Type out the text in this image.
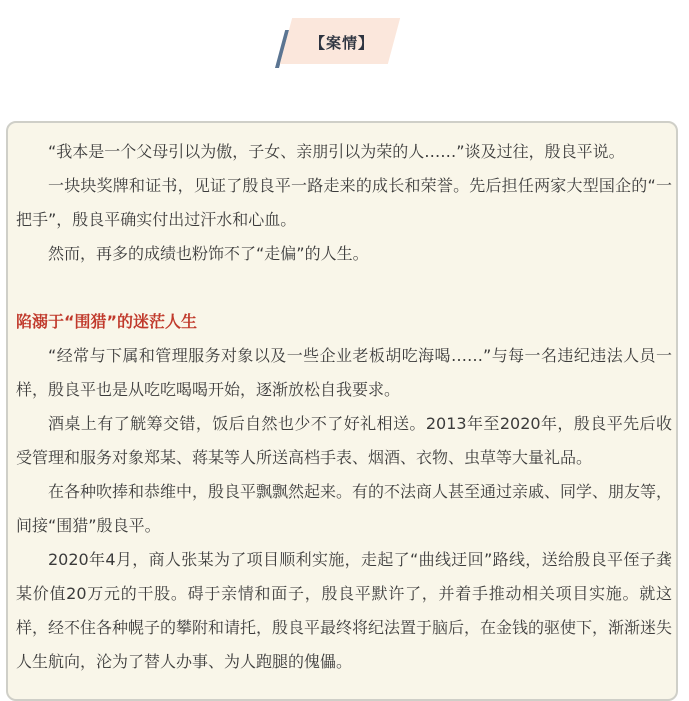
【案情】

“我本是一个父母引以为傲，子女、亲朋引以为荣的人……”谈及过往，殷良平说。

一块块奖牌和证书，见证了殷良平一路走来的成长和荣誉。先后担任两家大型国企的“一把手”，殷良平确实付出过汗水和心血。

然而，再多的成绩也粉饰不了“走偏”的人生。

陷溺于“围猎”的迷茫人生

“经常与下属和管理服务对象以及一些企业老板胡吃海喝……”与每一名违纪违法人员一样，殷良平也是从吃吃喝喝开始，逐渐放松自我要求。

酒桌上有了觥筹交错，饭后自然也少不了好礼相送。2013年至2020年，殷良平先后收受管理和服务对象郑某、蒋某等人所送高档手表、烟酒、衣物、虫草等大量礼品。

在各种吹捧和恭维中，殷良平飘飘然起来。有的不法商人甚至通过亲戚、同学、朋友等，间接“围猎”殷良平。

2020年4月，商人张某为了项目顺利实施，走起了“曲线迂回”路线，送给殷良平侄子龚某价值20万元的干股。碍于亲情和面子，殷良平默许了，并着手推动相关项目实施。就这样，经不住各种幌子的攀附和请托，殷良平最终将纪法置于脑后，在金钱的驱使下，渐渐迷失人生航向，沦为了替人办事、为人跑腿的傀儡。
